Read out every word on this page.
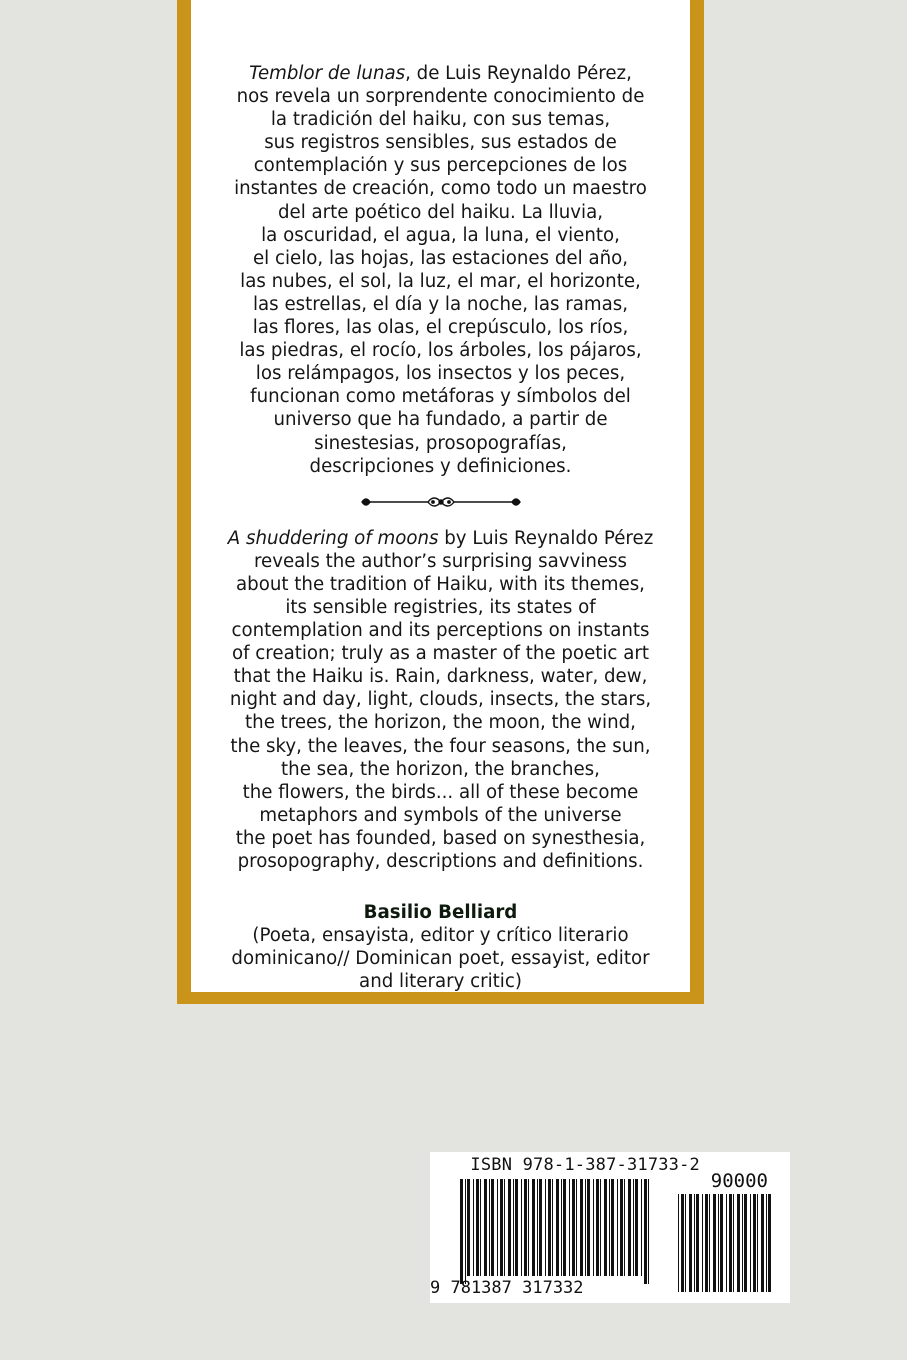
Temblor de lunas, de Luis Reynaldo Pérez,
nos revela un sorprendente conocimiento de
la tradición del haiku, con sus temas,
sus registros sensibles, sus estados de
contemplación y sus percepciones de los
instantes de creación, como todo un maestro
del arte poético del haiku. La lluvia,
la oscuridad, el agua, la luna, el viento,
el cielo, las hojas, las estaciones del año,
las nubes, el sol, la luz, el mar, el horizonte,
las estrellas, el día y la noche, las ramas,
las flores, las olas, el crepúsculo, los ríos,
las piedras, el rocío, los árboles, los pájaros,
los relámpagos, los insectos y los peces,
funcionan como metáforas y símbolos del
universo que ha fundado, a partir de
sinestesias, prosopografías,
descripciones y definiciones.
A shuddering of moons by Luis Reynaldo Pérez
reveals the author’s surprising savviness
about the tradition of Haiku, with its themes,
its sensible registries, its states of
contemplation and its perceptions on instants
of creation; truly as a master of the poetic art
that the Haiku is. Rain, darkness, water, dew,
night and day, light, clouds, insects, the stars,
the trees, the horizon, the moon, the wind,
the sky, the leaves, the four seasons, the sun,
the sea, the horizon, the branches,
the flowers, the birds... all of these become
metaphors and symbols of the universe
the poet has founded, based on synesthesia,
prosopography, descriptions and definitions.
Basilio Belliard
(Poeta, ensayista, editor y crítico literario
dominicano// Dominican poet, essayist, editor
and literary critic)
ISBN 978-1-387-31733-2
90000
9 781387 317332
